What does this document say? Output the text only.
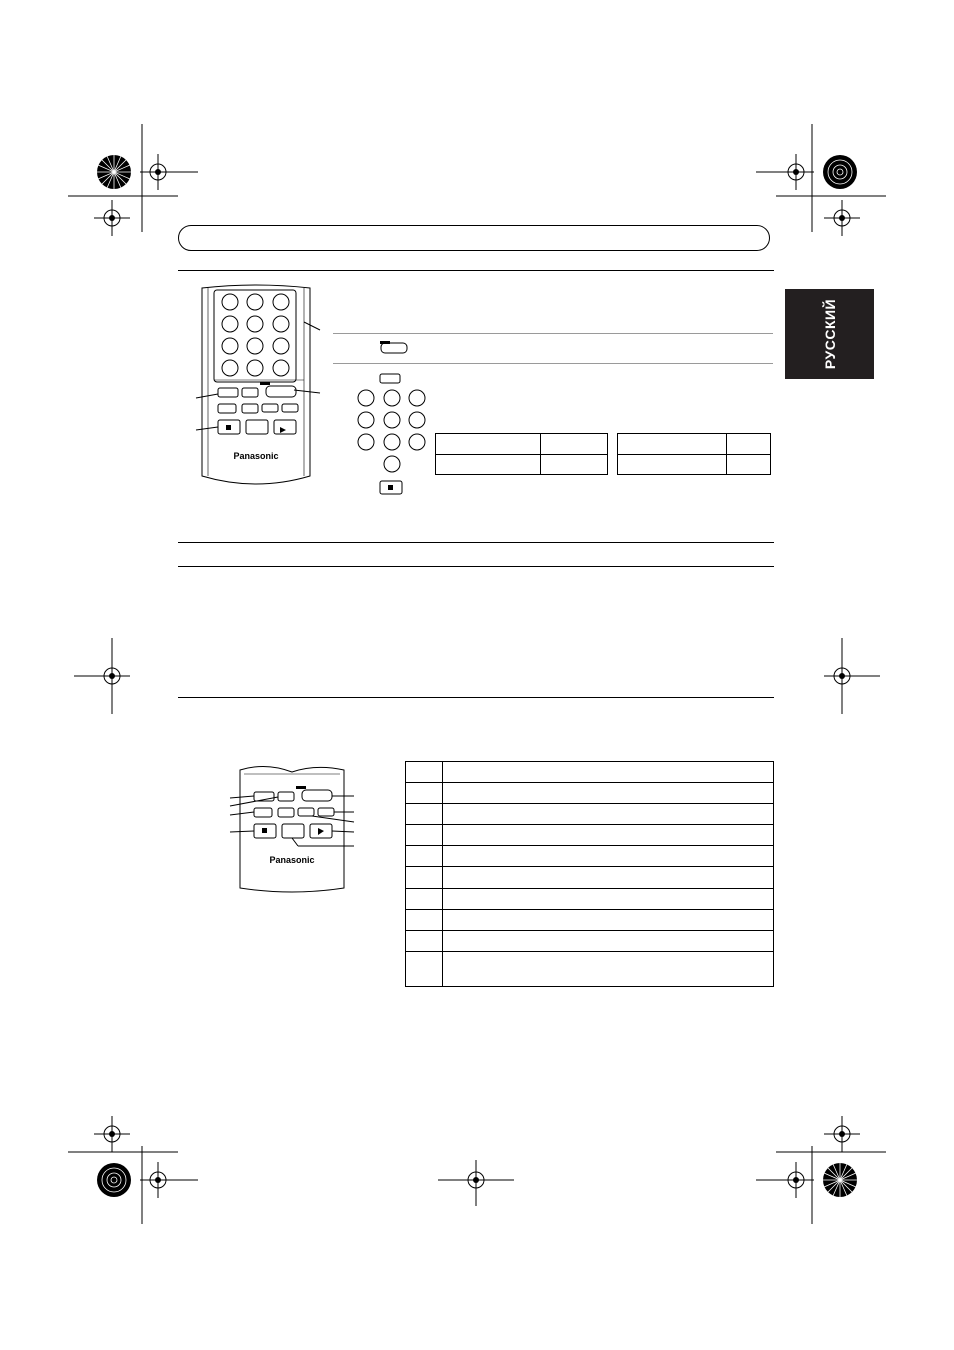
РУССКИЙ
Panasonic

Panasonic
